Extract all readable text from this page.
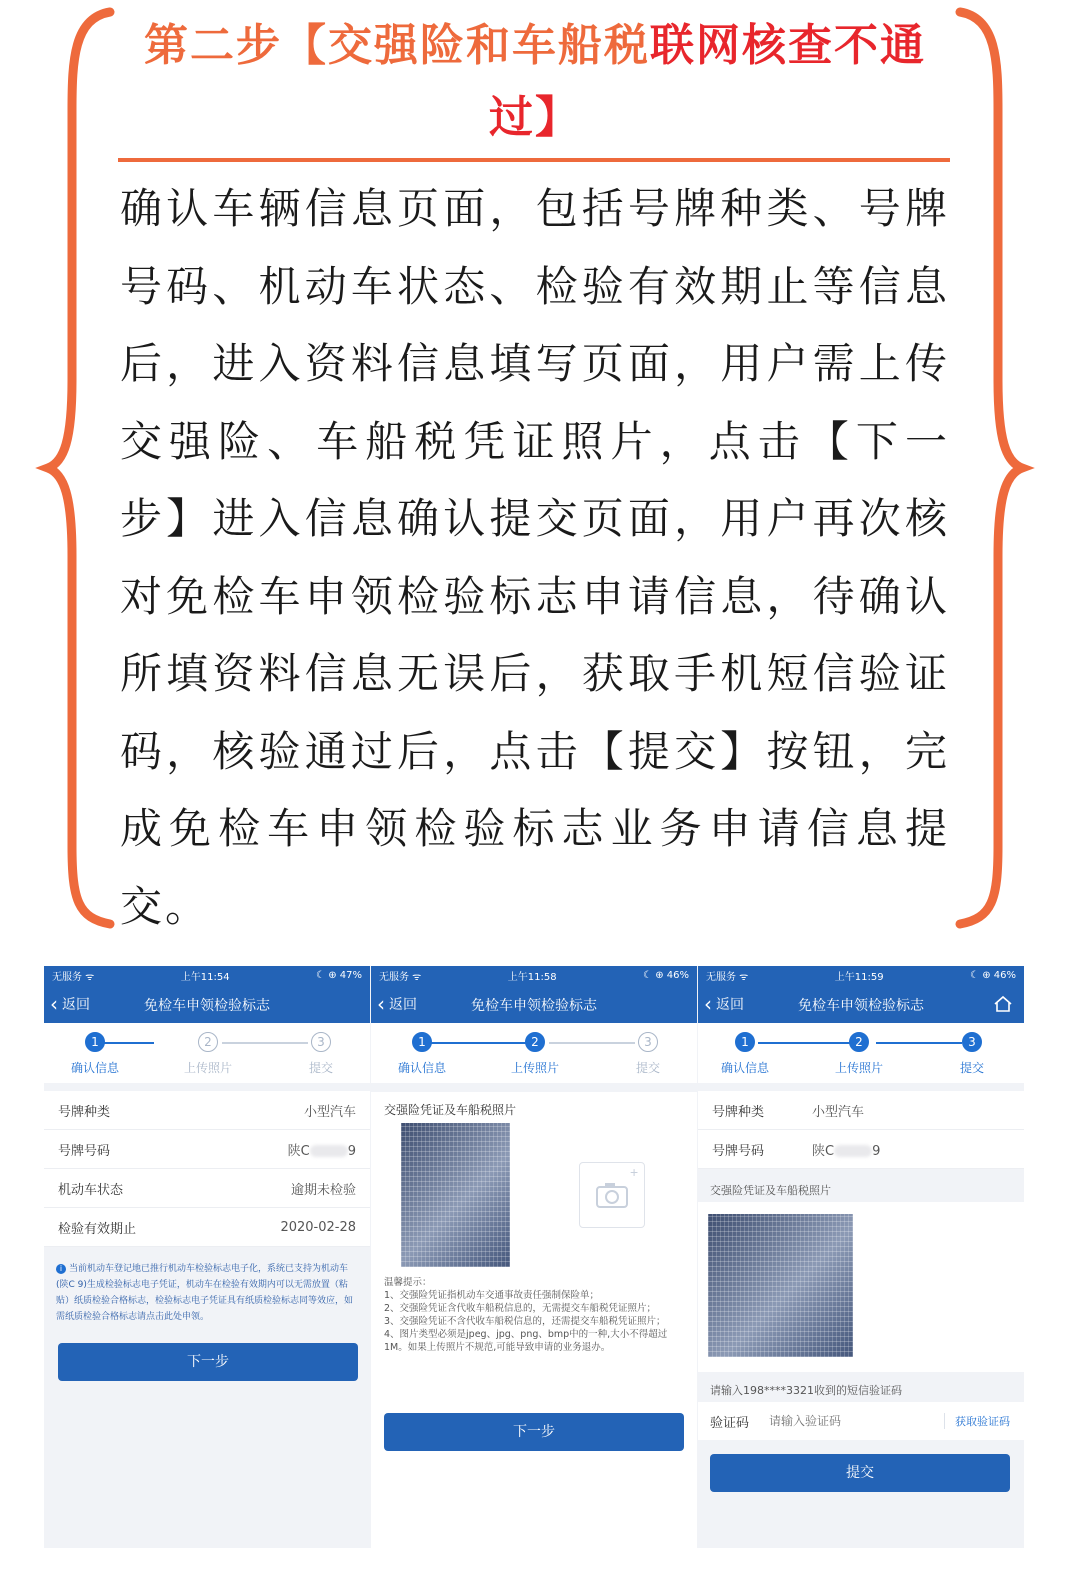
第二步【交强险和车船税联网核查不通过】

确认车辆信息页面，包括号牌种类、号牌号码、机动车状态、检验有效期止等信息后，进入资料信息填写页面，用户需上传交强险、车船税凭证照片，点击【下一步】进入信息确认提交页面，用户再次核对免检车申领检验标志申请信息，待确认所填资料信息无误后，获取手机短信验证码，核验通过后，点击【提交】按钮，完成免检车申领检验标志业务申请信息提交。

无服务 ᯤ	上午11:54	☾ ⊕ 47%
‹ 返回	免检车申领检验标志
1
确认信息
2
上传照片
3
提交
号牌种类	小型汽车
号牌号码	陕C	9
机动车状态	逾期未检验
检验有效期止	2020-02-28
i 当前机动车登记地已推行机动车检验标志电子化，系统已支持为机动车(陕C 9)生成检验标志电子凭证，机动车在检验有效期内可以无需放置（粘贴）纸质检验合格标志，检验标志电子凭证具有纸质检验标志同等效应，如需纸质检验合格标志请点击此处申领。
下一步
无服务 ᯤ	上午11:58	☾ ⊕ 46%
‹ 返回	免检车申领检验标志
1
确认信息
2
上传照片
3
提交
交强险凭证及车船税照片
+
温馨提示：
1、交强险凭证指机动车交通事故责任强制保险单；
2、交强险凭证含代收车船税信息的，无需提交车船税凭证照片；
3、交强险凭证不含代收车船税信息的，还需提交车船税凭证照片；
4、图片类型必须是jpeg、jpg、png、bmp中的一种,大小不得超过1M。如果上传照片不规范,可能导致申请的业务退办。
下一步
无服务 ᯤ	上午11:59	☾ ⊕ 46%
‹ 返回	免检车申领检验标志
1
确认信息
2
上传照片
3
提交
号牌种类	小型汽车
号牌号码	陕C	9
交强险凭证及车船税照片
请输入198****3321收到的短信验证码
验证码
请输入验证码	获取验证码
提交
